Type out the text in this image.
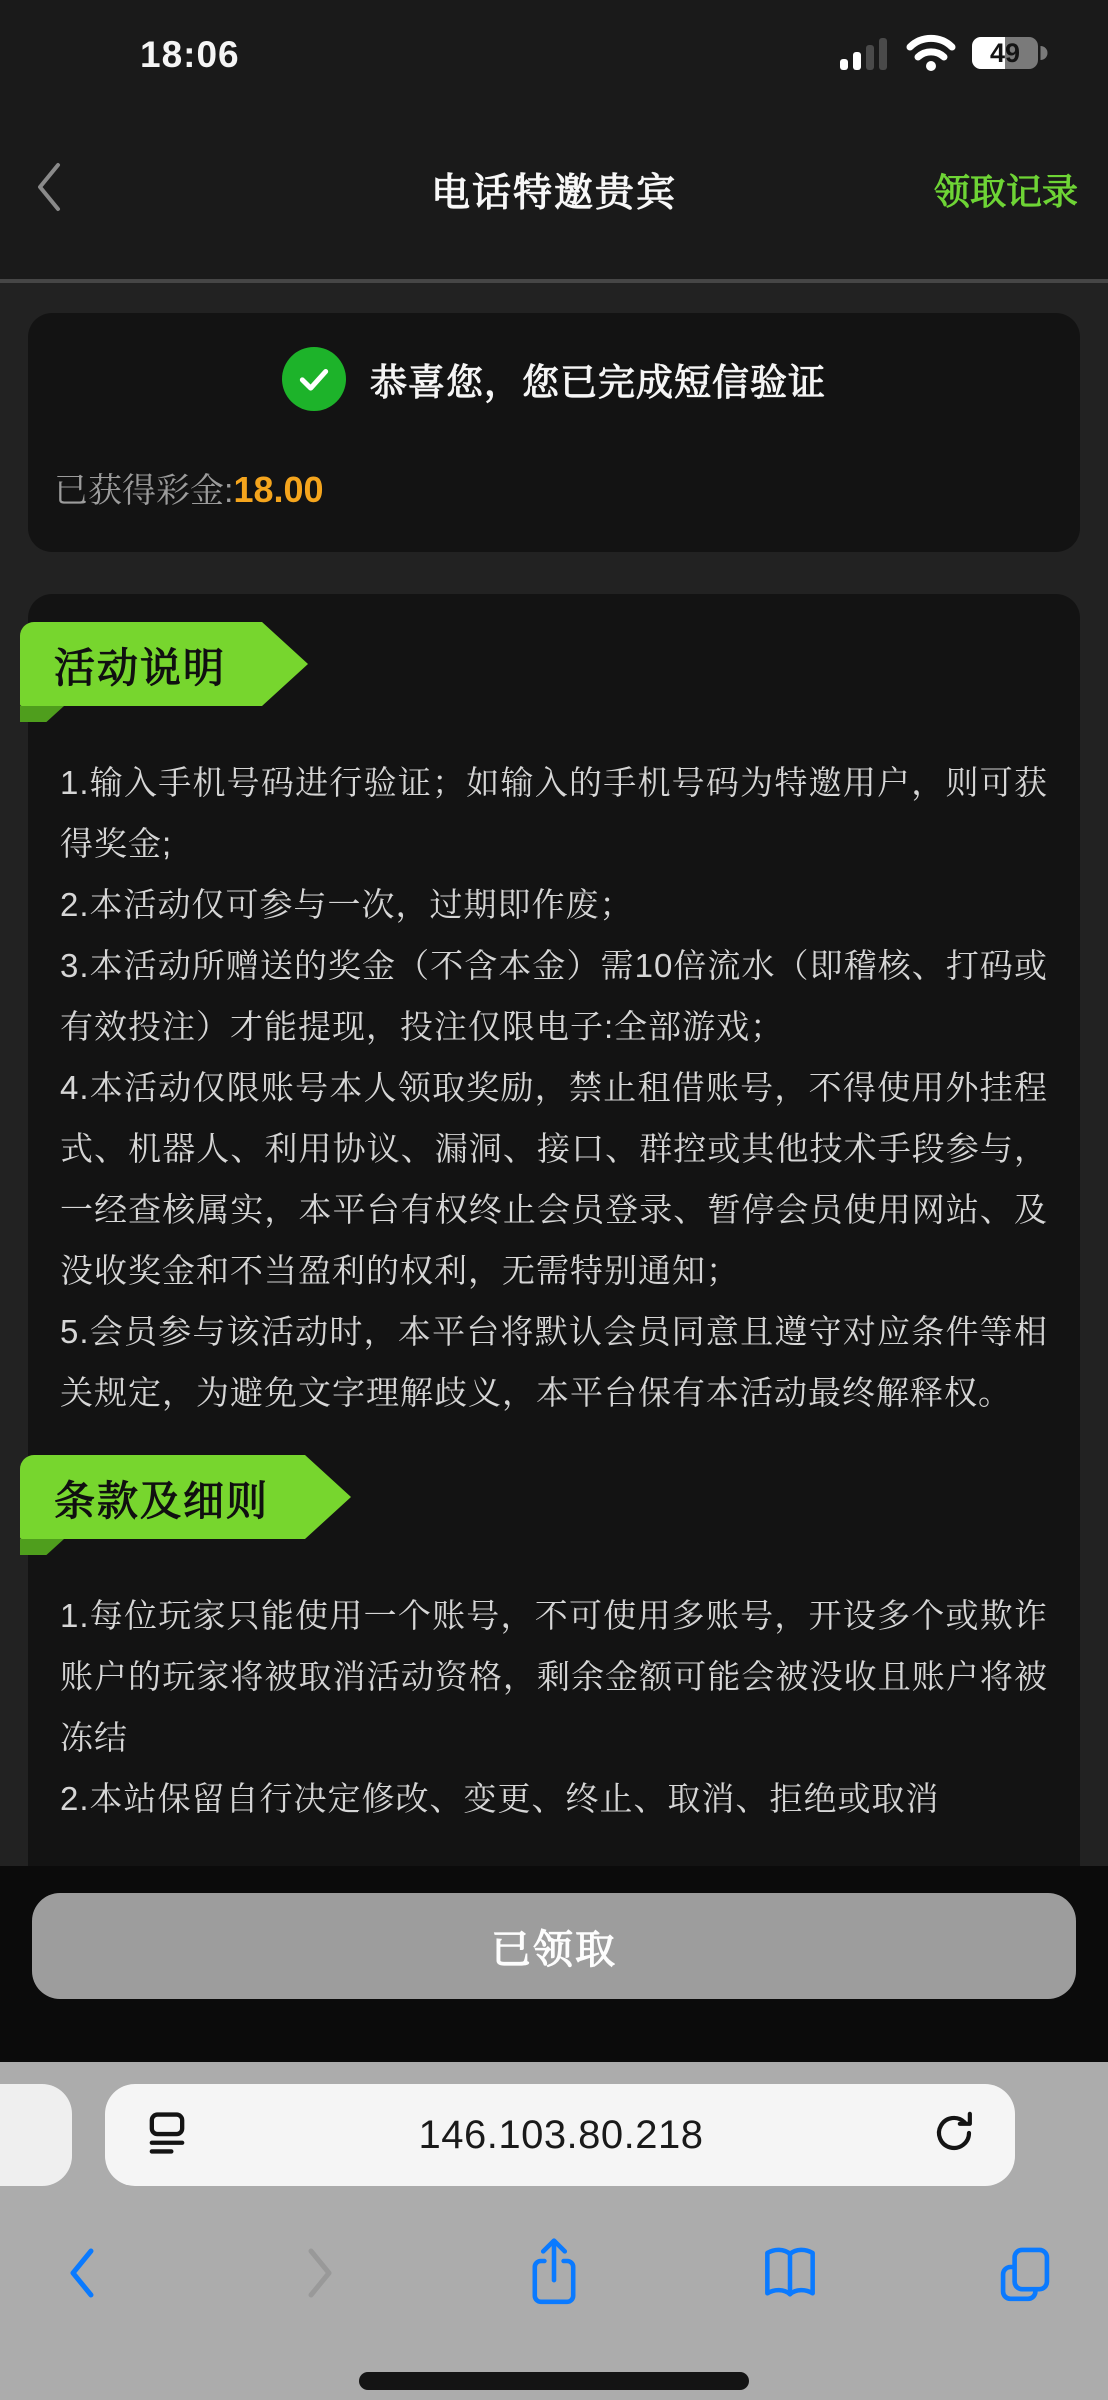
18:06	49
电话特邀贵宾	领取记录
恭喜您，您已完成短信验证
已获得彩金:18.00
活动说明

1.输入手机号码进行验证；如输入的手机号码为特邀用户，则可获得奖金;

2.本活动仅可参与一次，过期即作废；

3.本活动所赠送的奖金（不含本金）需10倍流水（即稽核、打码或有效投注）才能提现，投注仅限电子:全部游戏；

4.本活动仅限账号本人领取奖励，禁止租借账号，不得使用外挂程式、机器人、利用协议、漏洞、接口、群控或其他技术手段参与，一经查核属实，本平台有权终止会员登录、暂停会员使用网站、及没收奖金和不当盈利的权利，无需特别通知；

5.会员参与该活动时，本平台将默认会员同意且遵守对应条件等相关规定，为避免文字理解歧义，本平台保有本活动最终解释权。

条款及细则

1.每位玩家只能使用一个账号，不可使用多账号，开设多个或欺诈账户的玩家将被取消活动资格，剩余金额可能会被没收且账户将被冻结

2.本站保留自行决定修改、变更、终止、取消、拒绝或取消

已领取
146.103.80.218
